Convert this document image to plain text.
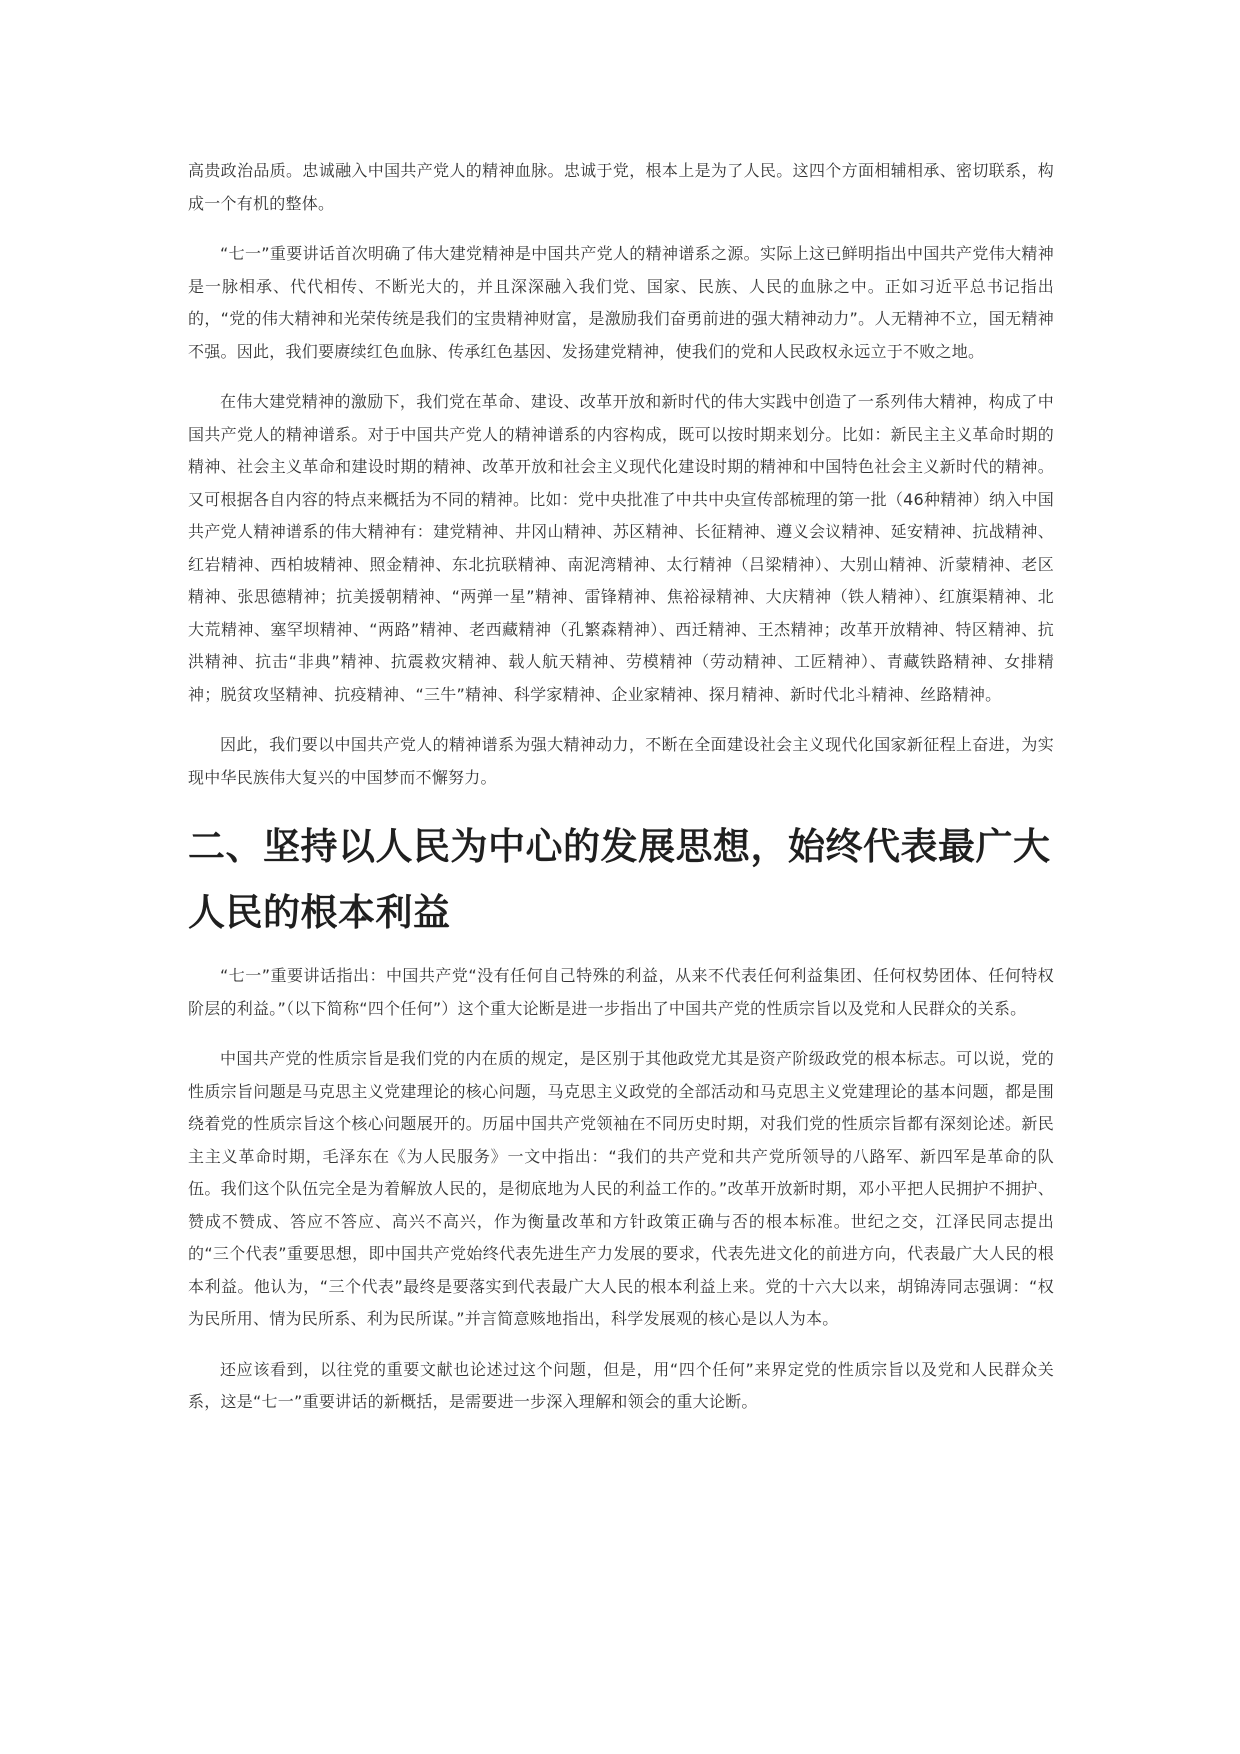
高贵政治品质。忠诚融入中国共产党人的精神血脉。忠诚于党，根本上是为了人民。这四个方面相辅相承、密切联系，构成一个有机的整体。

“七一”重要讲话首次明确了伟大建党精神是中国共产党人的精神谱系之源。实际上这已鲜明指出中国共产党伟大精神是一脉相承、代代相传、不断光大的，并且深深融入我们党、国家、民族、人民的血脉之中。正如习近平总书记指出的，“党的伟大精神和光荣传统是我们的宝贵精神财富，是激励我们奋勇前进的强大精神动力”。人无精神不立，国无精神不强。因此，我们要赓续红色血脉、传承红色基因、发扬建党精神，使我们的党和人民政权永远立于不败之地。

在伟大建党精神的激励下，我们党在革命、建设、改革开放和新时代的伟大实践中创造了一系列伟大精神，构成了中国共产党人的精神谱系。对于中国共产党人的精神谱系的内容构成，既可以按时期来划分。比如：新民主主义革命时期的精神、社会主义革命和建设时期的精神、改革开放和社会主义现代化建设时期的精神和中国特色社会主义新时代的精神。又可根据各自内容的特点来概括为不同的精神。比如：党中央批准了中共中央宣传部梳理的第一批（46种精神）纳入中国共产党人精神谱系的伟大精神有：建党精神、井冈山精神、苏区精神、长征精神、遵义会议精神、延安精神、抗战精神、红岩精神、西柏坡精神、照金精神、东北抗联精神、南泥湾精神、太行精神（吕梁精神）、大别山精神、沂蒙精神、老区精神、张思德精神；抗美援朝精神、“两弹一星”精神、雷锋精神、焦裕禄精神、大庆精神（铁人精神）、红旗渠精神、北大荒精神、塞罕坝精神、“两路”精神、老西藏精神（孔繁森精神）、西迁精神、王杰精神；改革开放精神、特区精神、抗洪精神、抗击“非典”精神、抗震救灾精神、载人航天精神、劳模精神（劳动精神、工匠精神）、青藏铁路精神、女排精神；脱贫攻坚精神、抗疫精神、“三牛”精神、科学家精神、企业家精神、探月精神、新时代北斗精神、丝路精神。

因此，我们要以中国共产党人的精神谱系为强大精神动力，不断在全面建设社会主义现代化国家新征程上奋进，为实现中华民族伟大复兴的中国梦而不懈努力。

二、坚持以人民为中心的发展思想，始终代表最广大人民的根本利益

“七一”重要讲话指出：中国共产党“没有任何自己特殊的利益，从来不代表任何利益集团、任何权势团体、任何特权阶层的利益。”（以下简称“四个任何”）这个重大论断是进一步指出了中国共产党的性质宗旨以及党和人民群众的关系。

中国共产党的性质宗旨是我们党的内在质的规定，是区别于其他政党尤其是资产阶级政党的根本标志。可以说，党的性质宗旨问题是马克思主义党建理论的核心问题，马克思主义政党的全部活动和马克思主义党建理论的基本问题，都是围绕着党的性质宗旨这个核心问题展开的。历届中国共产党领袖在不同历史时期，对我们党的性质宗旨都有深刻论述。新民主主义革命时期，毛泽东在《为人民服务》一文中指出：“我们的共产党和共产党所领导的八路军、新四军是革命的队伍。我们这个队伍完全是为着解放人民的，是彻底地为人民的利益工作的。”改革开放新时期，邓小平把人民拥护不拥护、赞成不赞成、答应不答应、高兴不高兴，作为衡量改革和方针政策正确与否的根本标准。世纪之交，江泽民同志提出的“三个代表”重要思想，即中国共产党始终代表先进生产力发展的要求，代表先进文化的前进方向，代表最广大人民的根本利益。他认为，“三个代表”最终是要落实到代表最广大人民的根本利益上来。党的十六大以来，胡锦涛同志强调：“权为民所用、情为民所系、利为民所谋。”并言简意赅地指出，科学发展观的核心是以人为本。

还应该看到，以往党的重要文献也论述过这个问题，但是，用“四个任何”来界定党的性质宗旨以及党和人民群众关系，这是“七一”重要讲话的新概括，是需要进一步深入理解和领会的重大论断。
